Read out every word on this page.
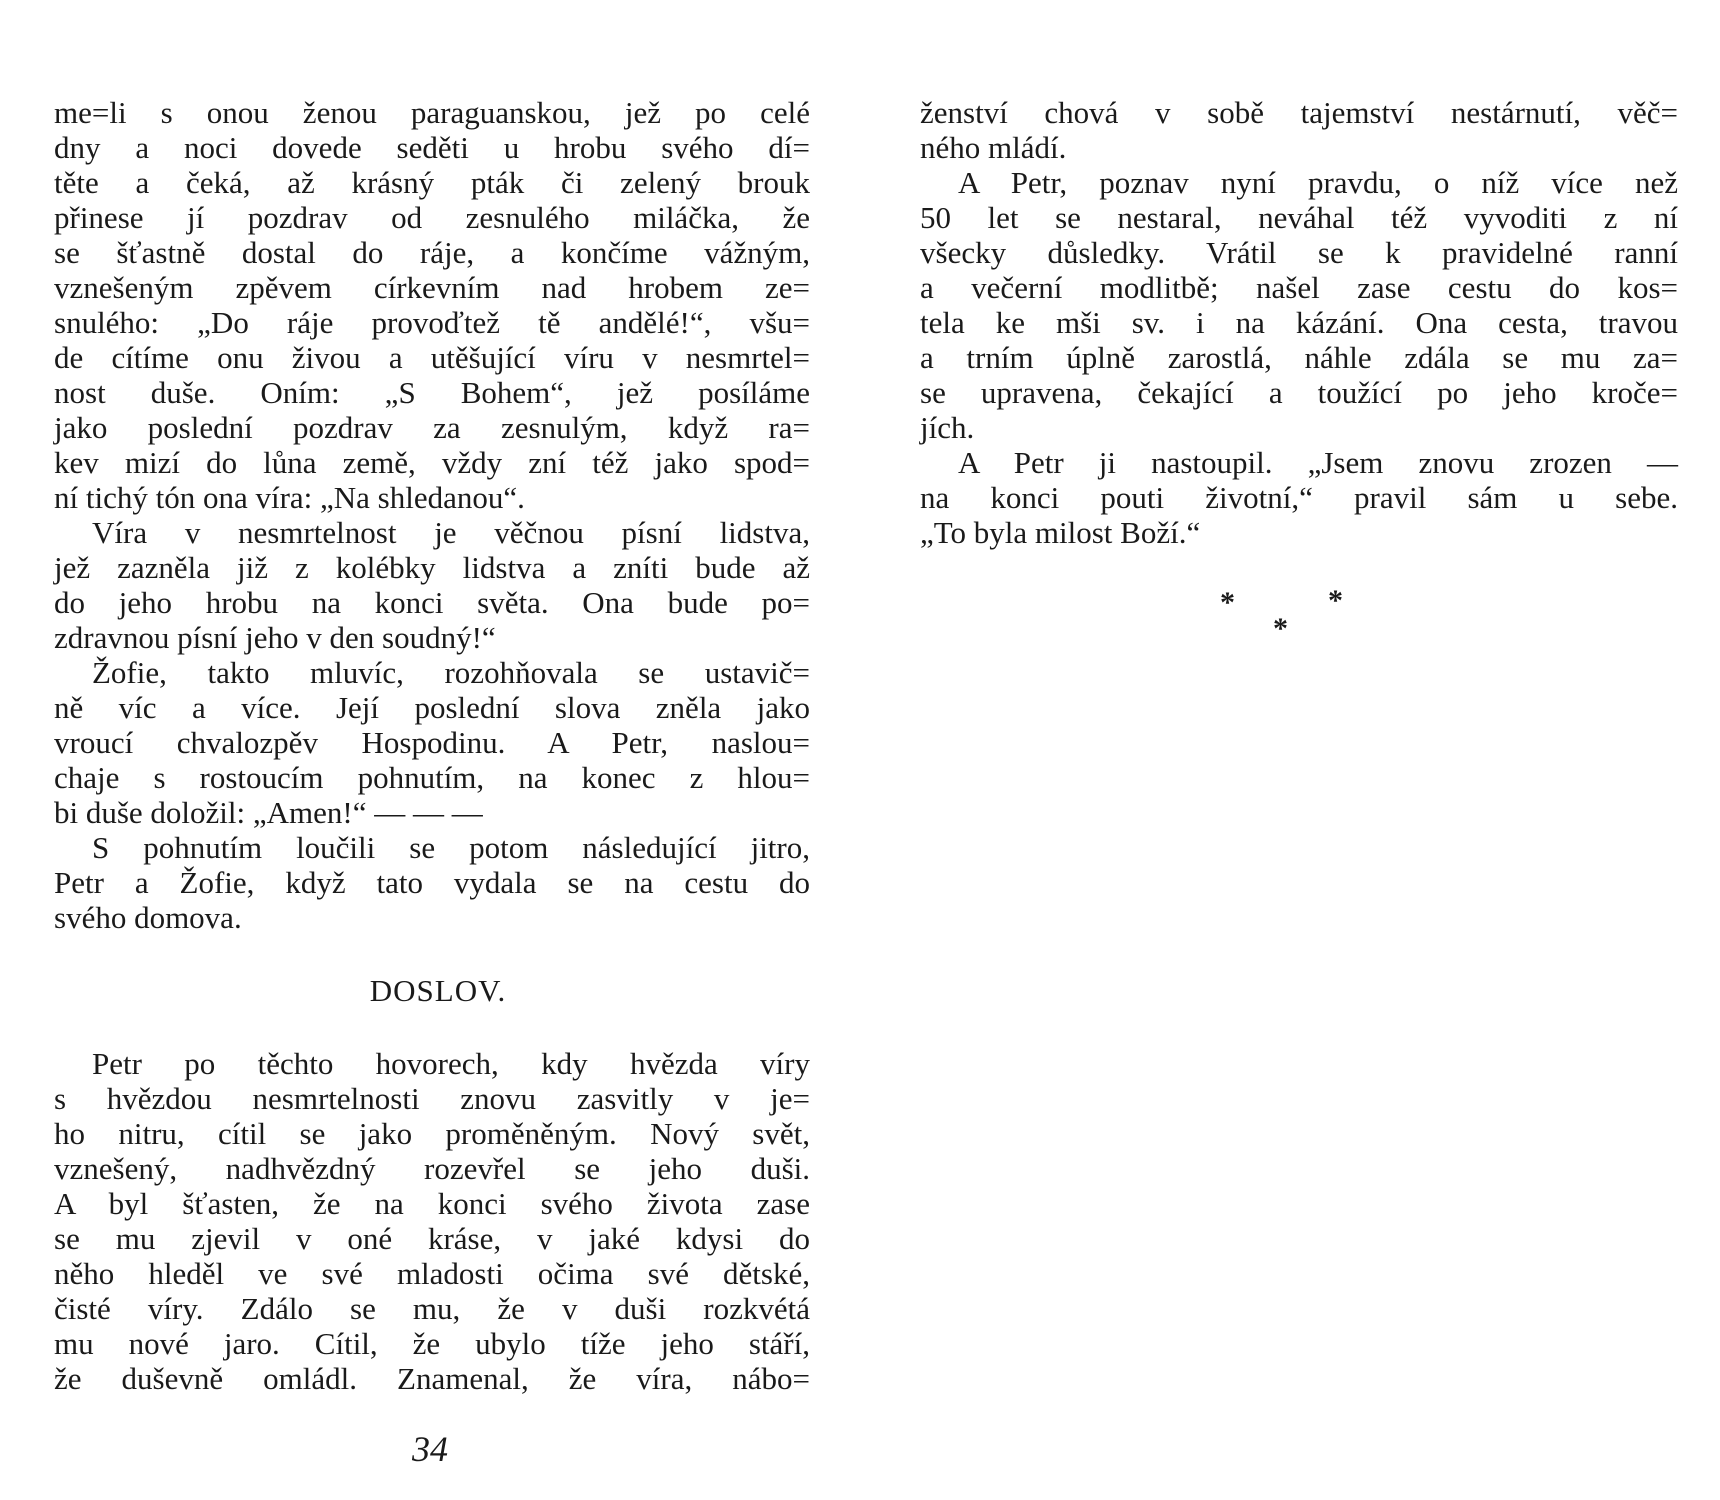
me=li s onou ženou paraguanskou, jež po celé
dny a noci dovede seděti u hrobu svého dí=
těte a čeká, až krásný pták či zelený brouk
přinese jí pozdrav od zesnulého miláčka, že
se šťastně dostal do ráje, a končíme vážným,
vznešeným zpěvem církevním nad hrobem ze=
snulého: „Do ráje provoďtež tě andělé!“, všu=
de cítíme onu živou a utěšující víru v nesmrtel=
nost duše. Oním: „S Bohem“, jež posíláme
jako poslední pozdrav za zesnulým, když ra=
kev mizí do lůna země, vždy zní též jako spod=
ní tichý tón ona víra: „Na shledanou“.
Víra v nesmrtelnost je věčnou písní lidstva,
jež zazněla již z kolébky lidstva a zníti bude až
do jeho hrobu na konci světa. Ona bude po=
zdravnou písní jeho v den soudný!“
Žofie, takto mluvíc, rozohňovala se ustavič=
ně víc a více. Její poslední slova zněla jako
vroucí chvalozpěv Hospodinu. A Petr, naslou=
chaje s rostoucím pohnutím, na konec z hlou=
bi duše doložil: „Amen!“ — — —
S pohnutím loučili se potom následující jitro,
Petr a Žofie, když tato vydala se na cestu do
svého domova.
DOSLOV.
Petr po těchto hovorech, kdy hvězda víry
s hvězdou nesmrtelnosti znovu zasvitly v je=
ho nitru, cítil se jako proměněným. Nový svět,
vznešený, nadhvězdný rozevřel se jeho duši.
A byl šťasten, že na konci svého života zase
se mu zjevil v oné kráse, v jaké kdysi do
něho hleděl ve své mladosti očima své dětské,
čisté víry. Zdálo se mu, že v duši rozkvétá
mu nové jaro. Cítil, že ubylo tíže jeho stáří,
že duševně omládl. Znamenal, že víra, nábo=
ženství chová v sobě tajemství nestárnutí, věč=
ného mládí.
A Petr, poznav nyní pravdu, o níž více než
50 let se nestaral, neváhal též vyvoditi z ní
všecky důsledky. Vrátil se k pravidelné ranní
a večerní modlitbě; našel zase cestu do kos=
tela ke mši sv. i na kázání. Ona cesta, travou
a trním úplně zarostlá, náhle zdála se mu za=
se upravena, čekající a toužící po jeho kroče=
jích.
A Petr ji nastoupil. „Jsem znovu zrozen —
na konci pouti životní,“ pravil sám u sebe.
„To byla milost Boží.“
*	*
*
34
